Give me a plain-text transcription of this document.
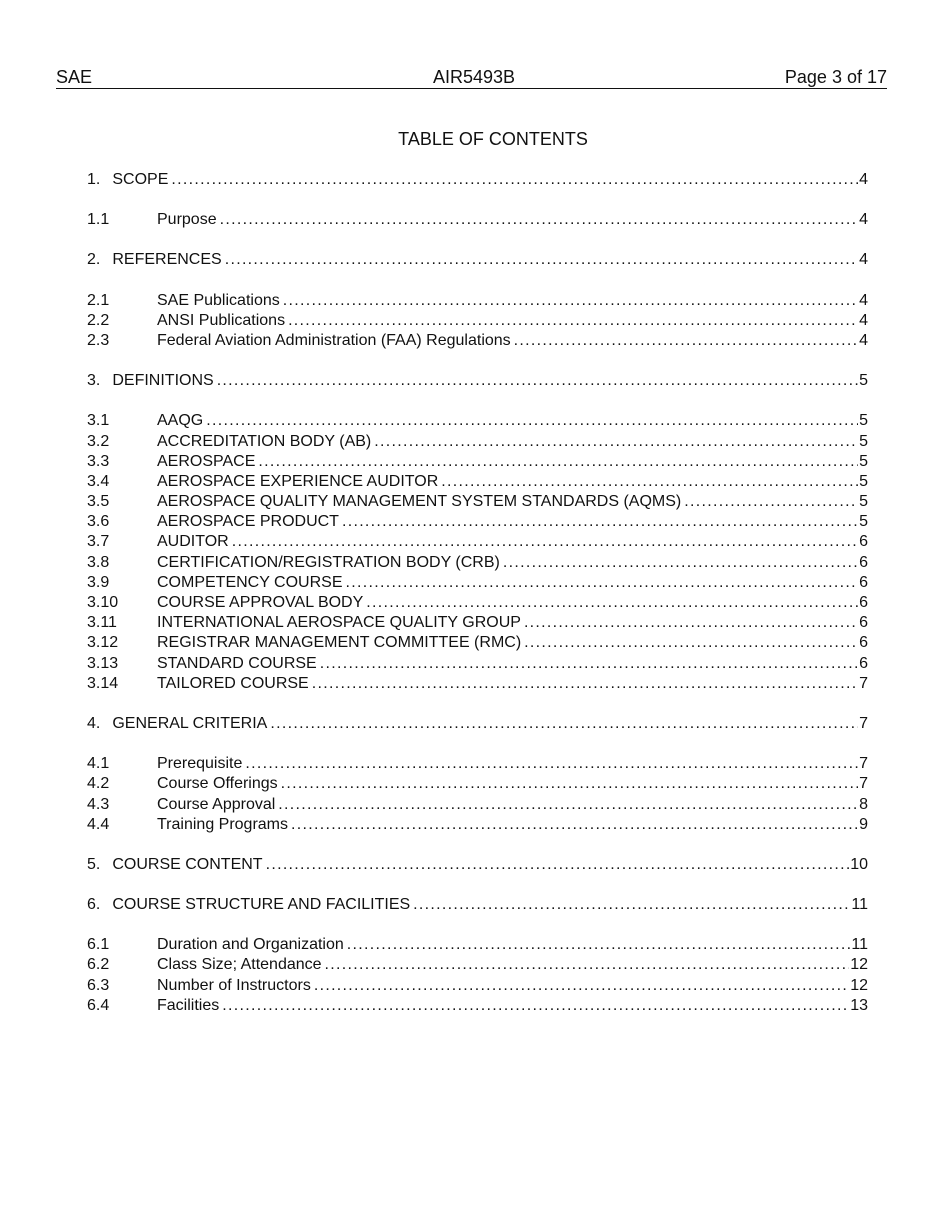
SAE	AIR5493B	Page 3 of 17
TABLE OF CONTENTS
1. SCOPE .....	4
1.1	Purpose .....	4
2. REFERENCES .....	4
2.1	SAE Publications .....	4
2.2	ANSI Publications .....	4
2.3	Federal Aviation Administration (FAA) Regulations .....	4
3. DEFINITIONS .....	5
3.1	AAQG .....	5
3.2	ACCREDITATION BODY (AB) .....	5
3.3	AEROSPACE .....	5
3.4	AEROSPACE EXPERIENCE AUDITOR .....	5
3.5	AEROSPACE QUALITY MANAGEMENT SYSTEM STANDARDS (AQMS) .....	5
3.6	AEROSPACE PRODUCT .....	5
3.7	AUDITOR .....	6
3.8	CERTIFICATION/REGISTRATION BODY (CRB) .....	6
3.9	COMPETENCY COURSE .....	6
3.10	COURSE APPROVAL BODY .....	6
3.11	INTERNATIONAL AEROSPACE QUALITY GROUP .....	6
3.12	REGISTRAR MANAGEMENT COMMITTEE (RMC) .....	6
3.13	STANDARD COURSE .....	6
3.14	TAILORED COURSE .....	7
4. GENERAL CRITERIA .....	7
4.1	Prerequisite .....	7
4.2	Course Offerings .....	7
4.3	Course Approval .....	8
4.4	Training Programs .....	9
5. COURSE CONTENT .....	10
6. COURSE STRUCTURE AND FACILITIES .....	11
6.1	Duration and Organization .....	11
6.2	Class Size; Attendance .....	12
6.3	Number of Instructors .....	12
6.4	Facilities .....	13
